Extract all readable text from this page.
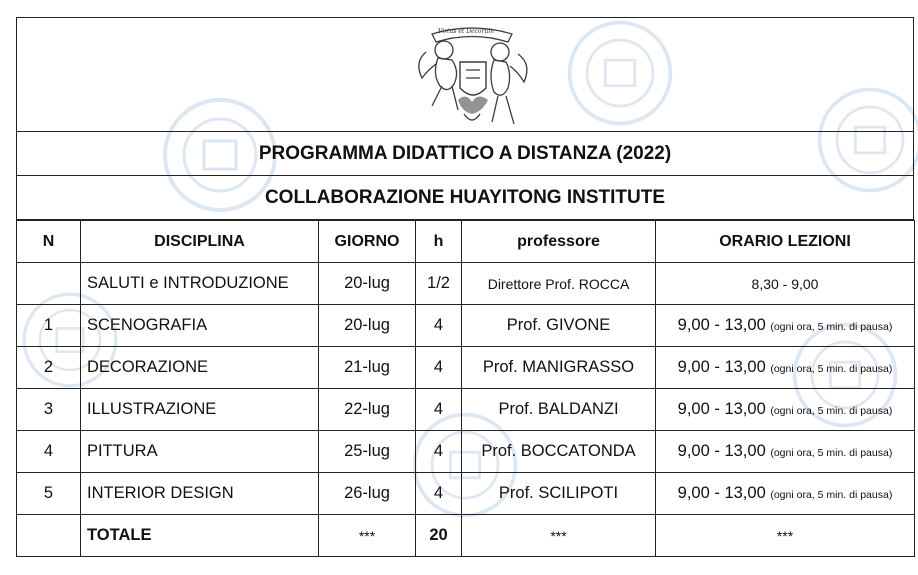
Virtus et Decorum
PROGRAMMA DIDATTICO A DISTANZA (2022)
COLLABORAZIONE HUAYITONG INSTITUTE
N	DISCIPLINA	GIORNO	h	professore	ORARIO LEZIONI
	SALUTI e INTRODUZIONE	20-lug	1/2	Direttore Prof. ROCCA	8,30 - 9,00
1	SCENOGRAFIA	20-lug	4	Prof. GIVONE	9,00 - 13,00 (ogni ora, 5 min. di pausa)
2	DECORAZIONE	21-lug	4	Prof. MANIGRASSO	9,00 - 13,00 (ogni ora, 5 min. di pausa)
3	ILLUSTRAZIONE	22-lug	4	Prof. BALDANZI	9,00 - 13,00 (ogni ora, 5 min. di pausa)
4	PITTURA	25-lug	4	Prof. BOCCATONDA	9,00 - 13,00 (ogni ora, 5 min. di pausa)
5	INTERIOR DESIGN	26-lug	4	Prof. SCILIPOTI	9,00 - 13,00 (ogni ora, 5 min. di pausa)
	TOTALE	***	20	***	***
